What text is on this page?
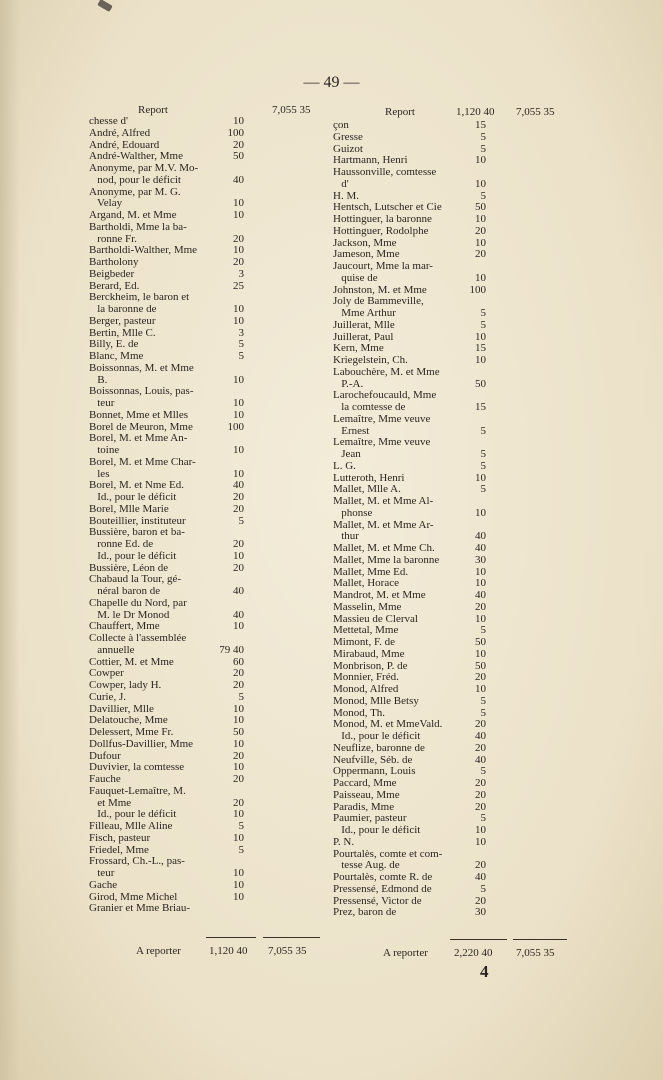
— 49 —
Report	7,055 35	Report	1,120 40 7,055 35
chesse d'	10
André, Alfred	100
André, Edouard	20
André-Walther, Mme	50
Anonyme, par M.V. Mo-
nod, pour le déficit	40
Anonyme, par M. G.
Velay	10
Argand, M. et Mme	10
Bartholdi, Mme la ba-
ronne Fr.	20
Bartholdi-Walther, Mme	10
Bartholony	20
Beigbeder	3
Berard, Ed.	25
Berckheim, le baron et
la baronne de	10
Berger, pasteur	10
Bertin, Mlle C.	3
Billy, E. de	5
Blanc, Mme	5
Boissonnas, M. et Mme
B.	10
Boissonnas, Louis, pas-
teur	10
Bonnet, Mme et Mlles	10
Borel de Meuron, Mme	100
Borel, M. et Mme An-
toine	10
Borel, M. et Mme Char-
les	10
Borel, M. et Nme Ed.	40
Id., pour le déficit	20
Borel, Mlle Marie	20
Bouteillier, instituteur	5
Bussière, baron et ba-
ronne Ed. de	20
Id., pour le déficit	10
Bussière, Léon de	20
Chabaud la Tour, gé-
néral baron de	40
Chapelle du Nord, par
M. le Dr Monod	40
Chauffert, Mme	10
Collecte à l'assemblée
annuelle	79 40
Cottier, M. et Mme	60
Cowper	20
Cowper, lady H.	20
Curie, J.	5
Davillier, Mlle	10
Delatouche, Mme	10
Delessert, Mme Fr.	50
Dollfus-Davillier, Mme	10
Dufour	20
Duvivier, la comtesse	10
Fauche	20
Fauquet-Lemaître, M.
et Mme	20
Id., pour le déficit	10
Filleau, Mlle Aline	5
Fisch, pasteur	10
Friedel, Mme	5
Frossard, Ch.-L., pas-
teur	10
Gache	10
Girod, Mme Michel	10
Granier et Mme Briau-
çon	15
Gresse	5
Guizot	5
Hartmann, Henri	10
Haussonville, comtesse
d'	10
H. M.	5
Hentsch, Lutscher et Cie	50
Hottinguer, la baronne	10
Hottinguer, Rodolphe	20
Jackson, Mme	10
Jameson, Mme	20
Jaucourt, Mme la mar-
quise de	10
Johnston, M. et Mme	100
Joly de Bammeville,
Mme Arthur	5
Juillerat, Mlle	5
Juillerat, Paul	10
Kern, Mme	15
Kriegelstein, Ch.	10
Labouchère, M. et Mme
P.-A.	50
Larochefoucauld, Mme
la comtesse de	15
Lemaître, Mme veuve
Ernest	5
Lemaître, Mme veuve
Jean	5
L. G.	5
Lutteroth, Henri	10
Mallet, Mlle A.	5
Mallet, M. et Mme Al-
phonse	10
Mallet, M. et Mme Ar-
thur	40
Mallet, M. et Mme Ch.	40
Mallet, Mme la baronne	30
Mallet, Mme Ed.	10
Mallet, Horace	10
Mandrot, M. et Mme	40
Masselin, Mme	20
Massieu de Clerval	10
Mettetal, Mme	5
Mimont, F. de	50
Mirabaud, Mme	10
Monbrison, P. de	50
Monnier, Fréd.	20
Monod, Alfred	10
Monod, Mlle Betsy	5
Monod, Th.	5
Monod, M. et MmeVald.	20
Id., pour le déficit	40
Neuflize, baronne de	20
Neufville, Séb. de	40
Oppermann, Louis	5
Paccard, Mme	20
Paisseau, Mme	20
Paradis, Mme	20
Paumier, pasteur	5
Id., pour le déficit	10
P. N.	10
Pourtalès, comte et com-
tesse Aug. de	20
Pourtalès, comte R. de	40
Pressensé, Edmond de	5
Pressensé, Victor de	20
Prez, baron de	30
A reporter	1,120 40 7,055 35	A reporter 2,220 40 7,055 35
4
